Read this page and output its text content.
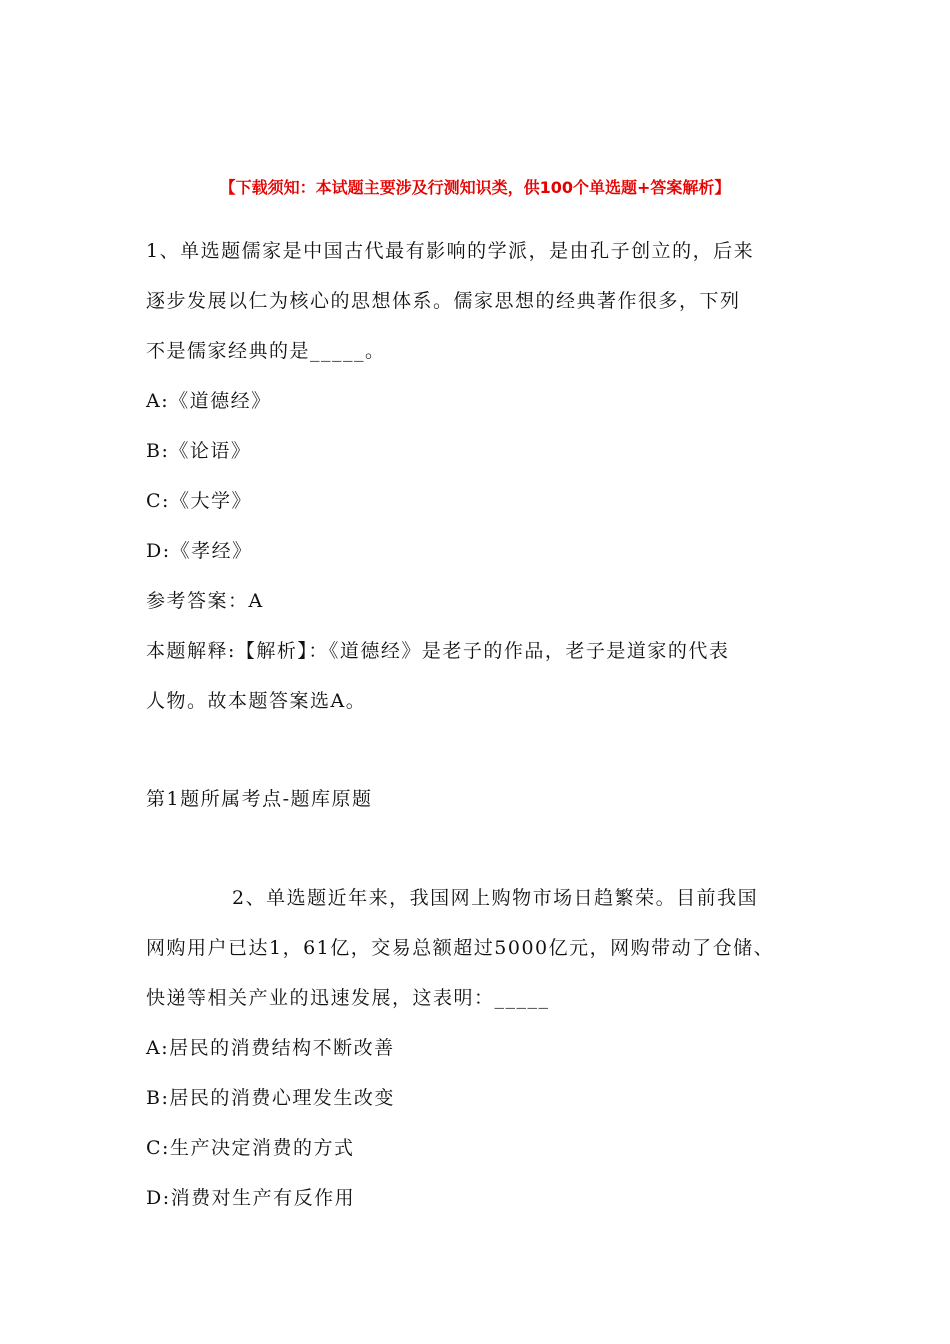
【下载须知：本试题主要涉及行测知识类，供100个单选题+答案解析】
1、单选题儒家是中国古代最有影响的学派，是由孔子创立的，后来
逐步发展以仁为核心的思想体系。儒家思想的经典著作很多，下列
不是儒家经典的是_____。
A:《道德经》
B:《论语》
C:《大学》
D:《孝经》
参考答案：A
本题解释:【解析】：《道德经》是老子的作品，老子是道家的代表
人物。故本题答案选A。
第1题所属考点-题库原题
2、单选题近年来，我国网上购物市场日趋繁荣。目前我国
网购用户已达1，61亿，交易总额超过5000亿元，网购带动了仓储、
快递等相关产业的迅速发展，这表明：_____
A:居民的消费结构不断改善
B:居民的消费心理发生改变
C:生产决定消费的方式
D:消费对生产有反作用
